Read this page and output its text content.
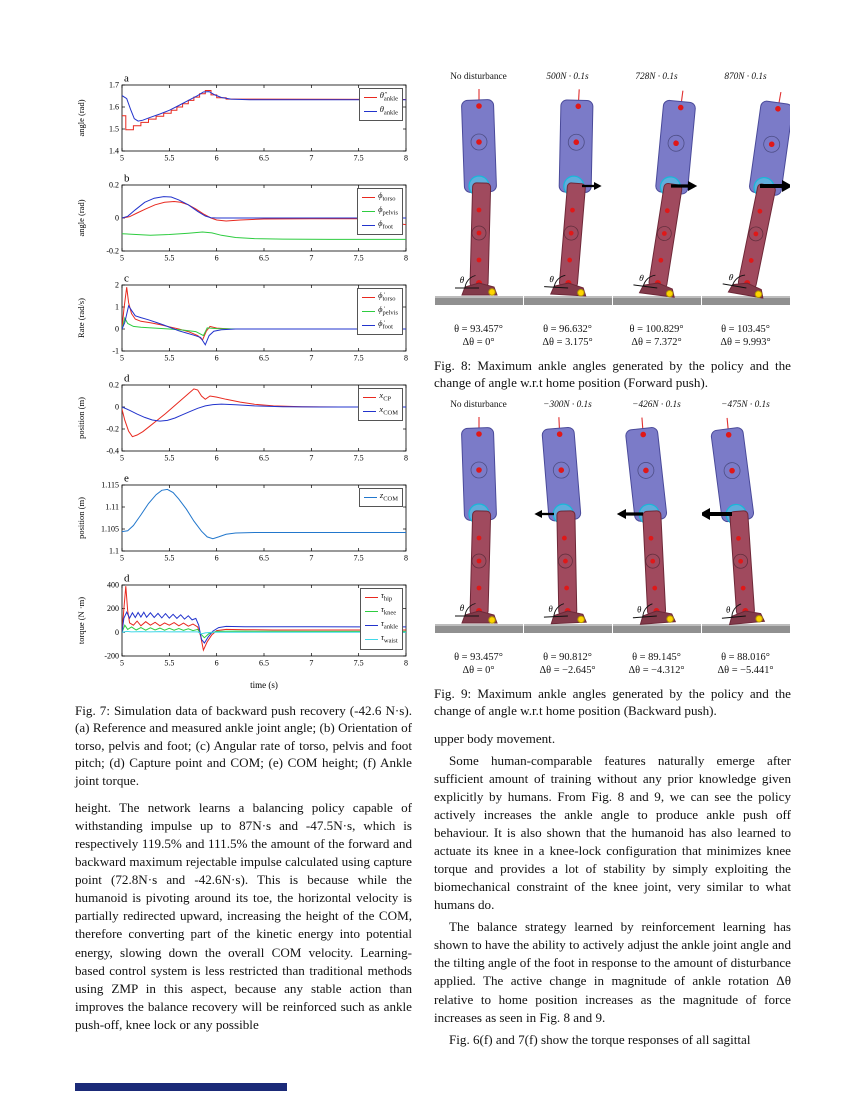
5	5.5	6	6.5	7	7.5	8
1.4
1.5
1.6
1.7
a
angle (rad)
$\thetâ_{ankle}$
$\theta_{ankle}$
5	5.5	6	6.5	7	7.5	8
-0.2
0
0.2
b
angle (rad)
$\phi_{torso}$
$\phi_{pelvis}$
$\phi_{foot}$
5	5.5	6	6.5	7	7.5	8
-1
0
1
2
c
Rate (rad/s)
$\phi̇_{torso}$
$\phi̇_{pelvis}$
$\phi̇_{foot}$
5	5.5	6	6.5	7	7.5	8
-0.4
-0.2
0
0.2
d
position (m)
$x_{CP}$
$x_{COM}$
5	5.5	6	6.5	7	7.5	8
1.1
1.105
1.11
1.115
e
position (m)
$z_{COM}$
5	5.5	6	6.5	7	7.5	8
-200
0
200
400
d
torque (N ·m)
time (s)
$\tau_{hip}$
$\tau_{knee}$
$\tau_{ankle}$
$\tau_{waist}$

Fig. 7: Simulation data of backward push recovery (-42.6 N·s). (a) Reference and measured ankle joint angle; (b) Orientation of torso, pelvis and foot; (c) Angular rate of torso, pelvis and foot pitch; (d) Capture point and COM; (e) COM height; (f) Ankle joint torque.

height. The network learns a balancing policy capable of withstanding impulse up to 87N·s and -47.5N·s, which is respectively 119.5% and 111.5% the amount of the forward and backward maximum rejectable impulse calculated using capture point (72.8N·s and -42.6N·s). This is because while the humanoid is pivoting around its toe, the horizontal velocity is partially redirected upward, increasing the height of the COM, therefore converting part of the kinetic energy into potential energy, slowing down the overall COM velocity. Learning-based control system is less restricted than traditional methods using ZMP in this aspect, because any stable action than improves the balance recovery will be reinforced such as ankle push-off, knee lock or any possible

No disturbance
θ
θ = 93.457°
Δθ = 0°
500N · 0.1s
θ
θ = 96.632°
Δθ = 3.175°
728N · 0.1s
θ
θ = 100.829°
Δθ = 7.372°
870N · 0.1s
θ
θ = 103.45°
Δθ = 9.993°

Fig. 8: Maximum ankle angles generated by the policy and the change of angle w.r.t home position (Forward push).

No disturbance
θ
θ = 93.457°
Δθ = 0°
−300N · 0.1s
θ
θ = 90.812°
Δθ = −2.645°
−426N · 0.1s
θ
θ = 89.145°
Δθ = −4.312°
−475N · 0.1s
θ
θ = 88.016°
Δθ = −5.441°

Fig. 9: Maximum ankle angles generated by the policy and the change of angle w.r.t home position (Backward push).

upper body movement.

Some human-comparable features naturally emerge after sufficient amount of training without any prior knowledge given explicitly by humans. From Fig. 8 and 9, we can see the policy actively increases the ankle angle to produce ankle push off behaviour. It is also shown that the humanoid has also learned to actuate its knee in a knee-lock configuration that minimizes knee torque and provides a lot of stability by simply exploiting the biomechanical constraint of the knee joint, very similar to what humans do.

The balance strategy learned by reinforcement learning has shown to have the ability to actively adjust the ankle joint angle and the tilting angle of the foot in response to the amount of disturbance applied. The active change in magnitude of ankle rotation Δθ relative to home position increases as the magnitude of force increases as seen in Fig. 8 and 9.

Fig. 6(f) and 7(f) show the torque responses of all sagittal
